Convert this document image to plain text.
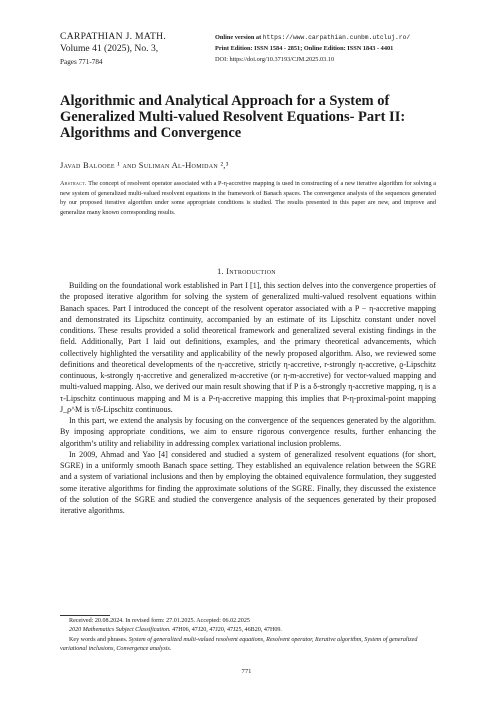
CARPATHIAN J. MATH.
Volume 41 (2025), No. 3,
Pages 771-784
Online version at https://www.carpathian.cunbm.utcluj.ro/
Print Edition: ISSN 1584 - 2851; Online Edition: ISSN 1843 - 4401
DOI: https://doi.org/10.37193/CJM.2025.03.10
Algorithmic and Analytical Approach for a System of Generalized Multi-valued Resolvent Equations- Part II: Algorithms and Convergence
Javad Balooee ¹ and Suliman Al-Homidan ²,³
Abstract. The concept of resolvent operator associated with a P-η-accretive mapping is used in constructing of a new iterative algorithm for solving a new system of generalized multi-valued resolvent equations in the framework of Banach spaces. The convergence analysis of the sequences generated by our proposed iterative algorithm under some appropriate conditions is studied. The results presented in this paper are new, and improve and generalize many known corresponding results.
1. Introduction

Building on the foundational work established in Part I [1], this section delves into the convergence properties of the proposed iterative algorithm for solving the system of generalized multi-valued resolvent equations within Banach spaces. Part I introduced the concept of the resolvent operator associated with a P − η-accretive mapping and demonstrated its Lipschitz continuity, accompanied by an estimate of its Lipschitz constant under novel conditions. These results provided a solid theoretical framework and generalized several existing findings in the field. Additionally, Part I laid out definitions, examples, and the primary theoretical advancements, which collectively highlighted the versatility and applicability of the newly proposed algorithm. Also, we reviewed some definitions and theoretical developments of the η-accretive, strictly η-accretive, r-strongly η-accretive, ϱ-Lipschitz continuous, k-strongly η-accretive and generalized m-accretive (or η-m-accretive) for vector-valued mapping and multi-valued mapping. Also, we derived our main result showing that if P is a δ-strongly η-accretive mapping, η is a τ-Lipschitz continuous mapping and M is a P-η-accretive mapping this implies that P-η-proximal-point mapping J_ρ^M is τ/δ-Lipschitz continuous.

In this part, we extend the analysis by focusing on the convergence of the sequences generated by the algorithm. By imposing appropriate conditions, we aim to ensure rigorous convergence results, further enhancing the algorithm’s utility and reliability in addressing complex variational inclusion problems.

In 2009, Ahmad and Yao [4] considered and studied a system of generalized resolvent equations (for short, SGRE) in a uniformly smooth Banach space setting. They established an equivalence relation between the SGRE and a system of variational inclusions and then by employing the obtained equivalence formulation, they suggested some iterative algorithms for finding the approximate solutions of the SGRE. Finally, they discussed the existence of the solution of the SGRE and studied the convergence analysis of the sequences generated by their proposed iterative algorithms.

Received: 20.08.2024. In revised form: 27.01.2025. Accepted: 06.02.2025
2020 Mathematics Subject Classification. 47H06, 47J20, 47J20, 47J25, 46B20, 47H09.
Key words and phrases. System of generalized multi-valued resolvent equations, Resolvent operator, Iterative algorithm, System of generalized variational inclusions, Convergence analysis.
771
